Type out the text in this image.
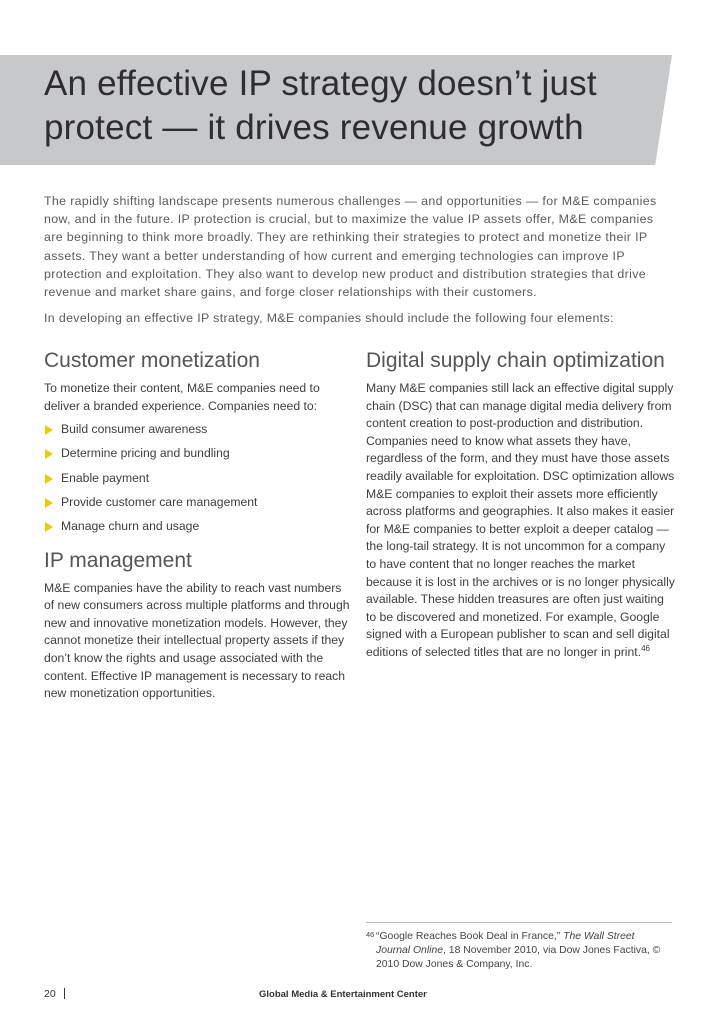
An effective IP strategy doesn’t just
protect — it drives revenue growth

The rapidly shifting landscape presents numerous challenges — and opportunities — for M&E companies now, and in the future. IP protection is crucial, but to maximize the value IP assets offer, M&E companies are beginning to think more broadly. They are rethinking their strategies to protect and monetize their IP assets. They want a better understanding of how current and emerging technologies can improve IP protection and exploitation. They also want to develop new product and distribution strategies that drive revenue and market share gains, and forge closer relationships with their customers.

In developing an effective IP strategy, M&E companies should include the following four elements:

Customer monetization

To monetize their content, M&E companies need to deliver a branded experience. Companies need to:

Build consumer awareness
Determine pricing and bundling
Enable payment
Provide customer care management
Manage churn and usage
IP management

M&E companies have the ability to reach vast numbers of new consumers across multiple platforms and through new and innovative monetization models. However, they cannot monetize their intellectual property assets if they don’t know the rights and usage associated with the content. Effective IP management is necessary to reach new monetization opportunities.

Digital supply chain optimization

Many M&E companies still lack an effective digital supply chain (DSC) that can manage digital media delivery from content creation to post-production and distribution. Companies need to know what assets they have, regardless of the form, and they must have those assets readily available for exploitation. DSC optimization allows M&E companies to exploit their assets more efficiently across platforms and geographies. It also makes it easier for M&E companies to better exploit a deeper catalog — the long-tail strategy. It is not uncommon for a company to have content that no longer reaches the market because it is lost in the archives or is no longer physically available. These hidden treasures are often just waiting to be discovered and monetized. For example, Google signed with a European publisher to scan and sell digital editions of selected titles that are no longer in print.$^{46}$

46 “Google Reaches Book Deal in France,” The Wall Street Journal Online, 18 November 2010, via Dow Jones Factiva, © 2010 Dow Jones & Company, Inc.
20	Global Media & Entertainment Center
